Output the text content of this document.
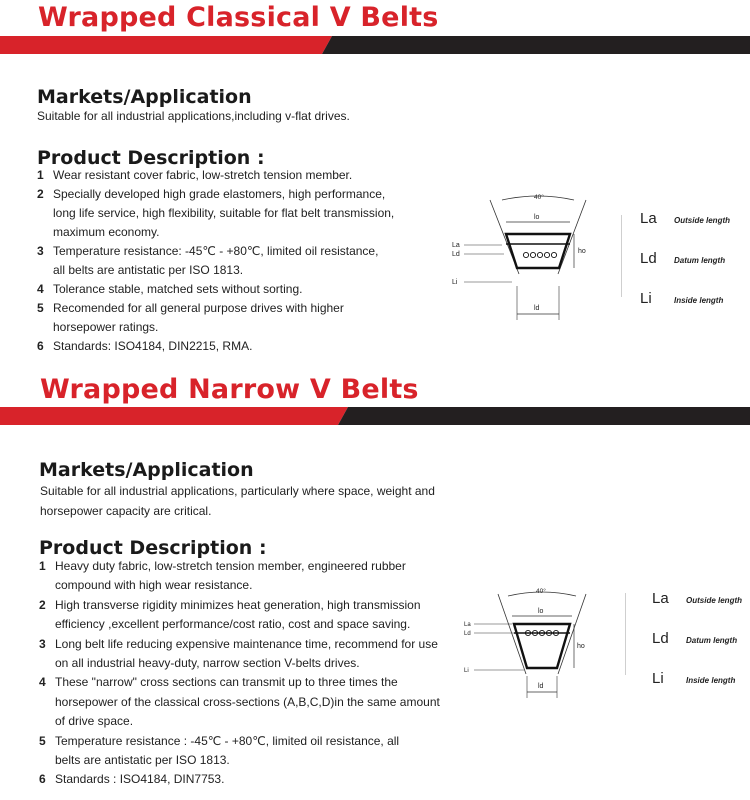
Wrapped Classical V Belts
Markets/Application
Suitable for all industrial applications,including v-flat drives.
Product Description :
1 Wear resistant cover fabric, low-stretch tension member.
2 Specially developed high grade elastomers, high performance, long life service, high flexibility, suitable for flat belt transmission, maximum economy.
3 Temperature resistance: -45℃ - +80℃, limited oil resistance, all belts are antistatic per ISO 1813.
4 Tolerance stable, matched sets without sorting.
5 Recomended for all general purpose drives with higher horsepower ratings.
6 Standards: ISO4184, DIN2215, RMA.
40°
lo
ho
ld
La
Ld
Li
La Outside length
Ld Datum length
Li	Inside length
Wrapped Narrow V Belts
Markets/Application
Suitable for all industrial applications, particularly where space, weight and horsepower capacity are critical.
Product Description :
1 Heavy duty fabric, low-stretch tension member, engineered rubber compound with high wear resistance.
2 High transverse rigidity minimizes heat generation, high transmission efficiency ,excellent performance/cost ratio, cost and space saving.
3 Long belt life reducing expensive maintenance time, recommend for use on all industrial heavy-duty, narrow section V-belts drives.
4 These "narrow" cross sections can transmit up to three times the horsepower of the classical cross-sections (A,B,C,D)in the same amount of drive space.
5 Temperature resistance : -45℃ - +80℃, limited oil resistance, all belts are antistatic per ISO 1813.
6 Standards : ISO4184, DIN7753.
40°
lo
ho
ld
La
Ld
Li
La Outside length
Ld Datum length
Li	Inside length
